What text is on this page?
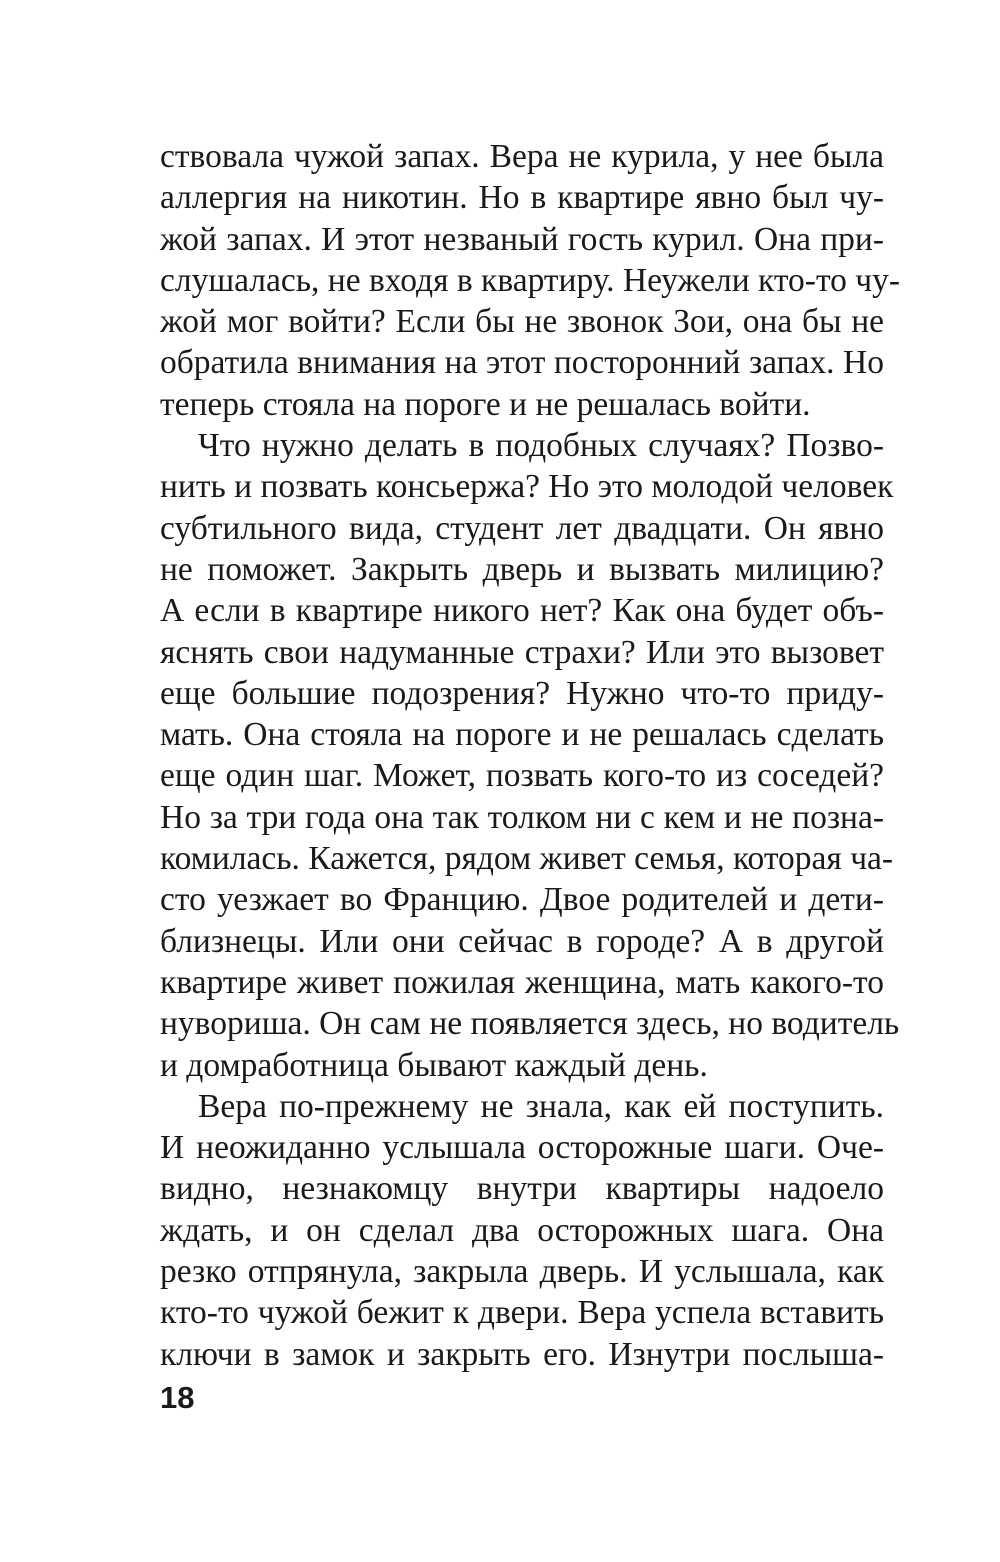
ствовала чужой запах. Вера не курила, у нее была
аллергия на никотин. Но в квартире явно был чу-
жой запах. И этот незваный гость курил. Она при-
слушалась, не входя в квартиру. Неужели кто-то чу-
жой мог войти? Если бы не звонок Зои, она бы не
обратила внимания на этот посторонний запах. Но
теперь стояла на пороге и не решалась войти.
Что нужно делать в подобных случаях? Позво-
нить и позвать консьержа? Но это молодой человек
субтильного вида, студент лет двадцати. Он явно
не поможет. Закрыть дверь и вызвать милицию?
А если в квартире никого нет? Как она будет объ-
яснять свои надуманные страхи? Или это вызовет
еще большие подозрения? Нужно что-то приду-
мать. Она стояла на пороге и не решалась сделать
еще один шаг. Может, позвать кого-то из соседей?
Но за три года она так толком ни с кем и не позна-
комилась. Кажется, рядом живет семья, которая ча-
сто уезжает во Францию. Двое родителей и дети-
близнецы. Или они сейчас в городе? А в другой
квартире живет пожилая женщина, мать какого-то
нувориша. Он сам не появляется здесь, но водитель
и домработница бывают каждый день.
Вера по-прежнему не знала, как ей поступить.
И неожиданно услышала осторожные шаги. Оче-
видно, незнакомцу внутри квартиры надоело
ждать, и он сделал два осторожных шага. Она
резко отпрянула, закрыла дверь. И услышала, как
кто-то чужой бежит к двери. Вера успела вставить
ключи в замок и закрыть его. Изнутри послыша-
18
